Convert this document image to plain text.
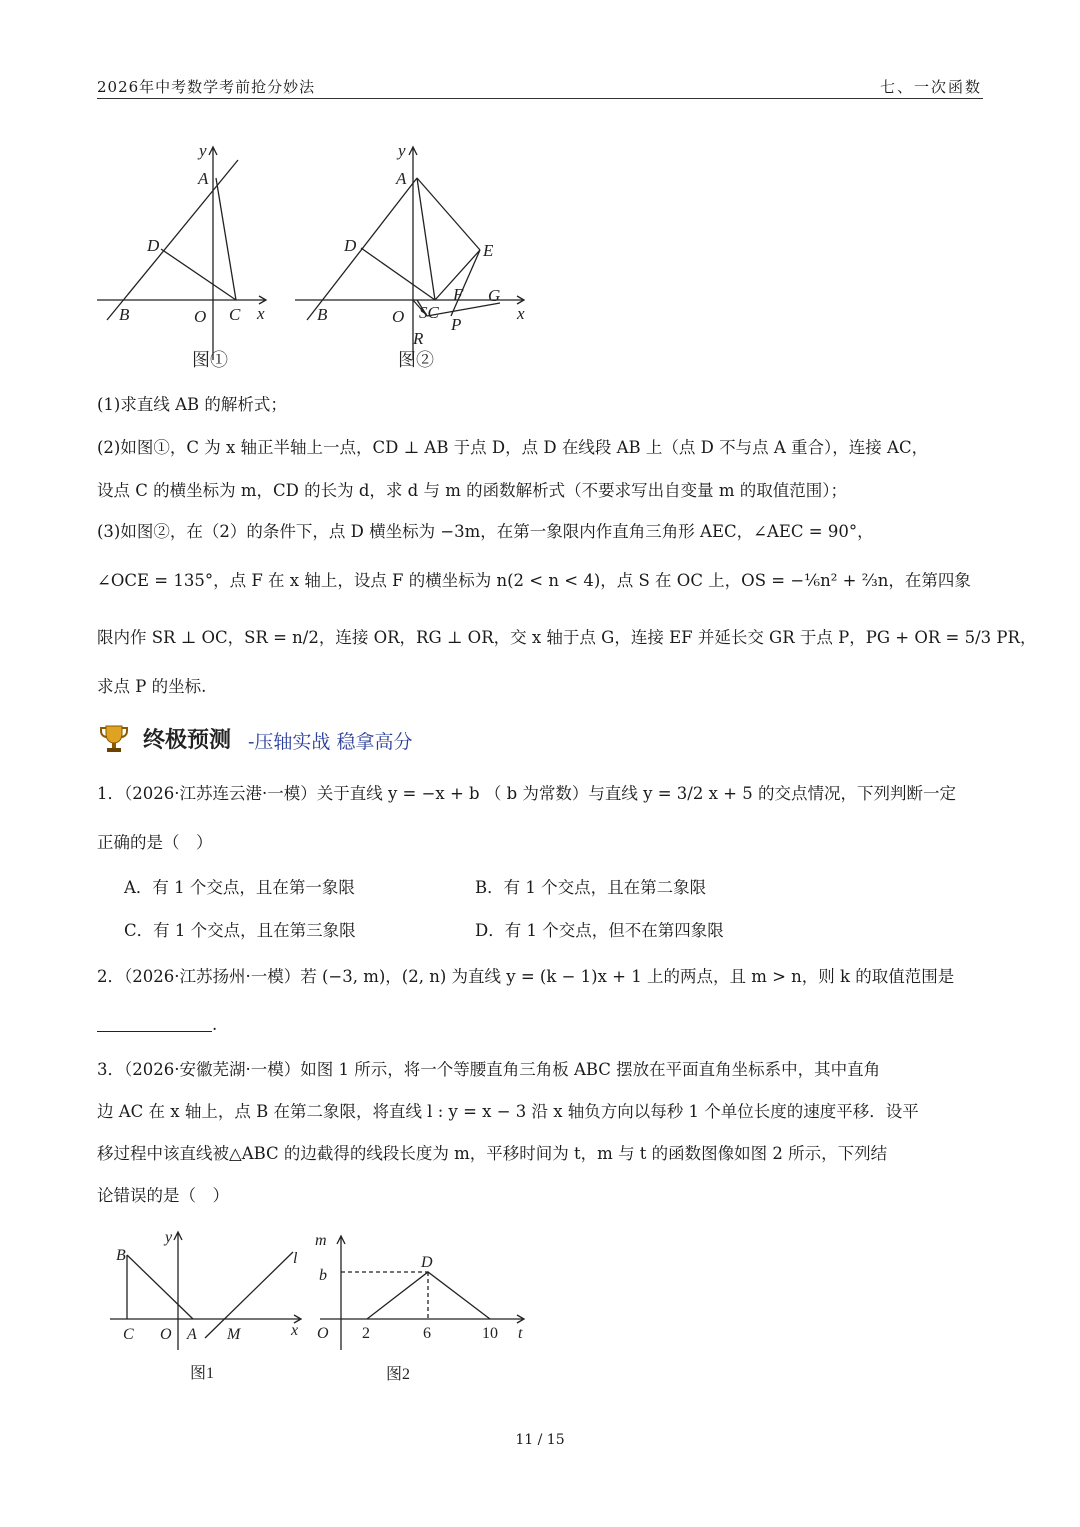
2026年中考数学考前抢分妙法	七、一次函数
y
A
D
B	O C x
y
A
D	E
F G
B	O SC
P
R
x
图①	图②
(1)求直线 AB 的解析式；
(2)如图①，C 为 x 轴正半轴上一点，CD ⊥ AB 于点 D，点 D 在线段 AB 上（点 D 不与点 A 重合），连接 AC，
设点 C 的横坐标为 m，CD 的长为 d，求 d 与 m 的函数解析式（不要求写出自变量 m 的取值范围）；
(3)如图②，在（2）的条件下，点 D 横坐标为 −3m，在第一象限内作直角三角形 AEC，∠AEC = 90°，
∠OCE = 135°，点 F 在 x 轴上，设点 F 的横坐标为 n(2 < n < 4)，点 S 在 OC 上，OS = −⅙n² + ⅔n，在第四象
限内作 SR ⊥ OC，SR = n/2，连接 OR，RG ⊥ OR，交 x 轴于点 G，连接 EF 并延长交 GR 于点 P，PG + OR = 5/3 PR，
求点 P 的坐标.
终极预测 -压轴实战 稳拿高分
1．（2026·江苏连云港·一模）关于直线 y = −x + b （ b 为常数）与直线 y = 3/2 x + 5 的交点情况，下列判断一定
正确的是（　）
A．有 1 个交点，且在第一象限	B．有 1 个交点，且在第二象限
C．有 1 个交点，且在第三象限	D．有 1 个交点，但不在第四象限
2．（2026·江苏扬州·一模）若 (−3, m)，(2, n) 为直线 y = (k − 1)x + 1 上的两点，且 m > n，则 k 的取值范围是
.
3．（2026·安徽芜湖·一模）如图 1 所示，将一个等腰直角三角板 ABC 摆放在平面直角坐标系中，其中直角
边 AC 在 x 轴上，点 B 在第二象限，将直线 l : y = x − 3 沿 x 轴负方向以每秒 1 个单位长度的速度平移．设平
移过程中该直线被△ABC 的边截得的线段长度为 m，平移时间为 t，m 与 t 的函数图像如图 2 所示，下列结
论错误的是（　）
B
y
l
C O A M	x
m
b
D
O	t
2	6	10
图1	图2
11 / 15
